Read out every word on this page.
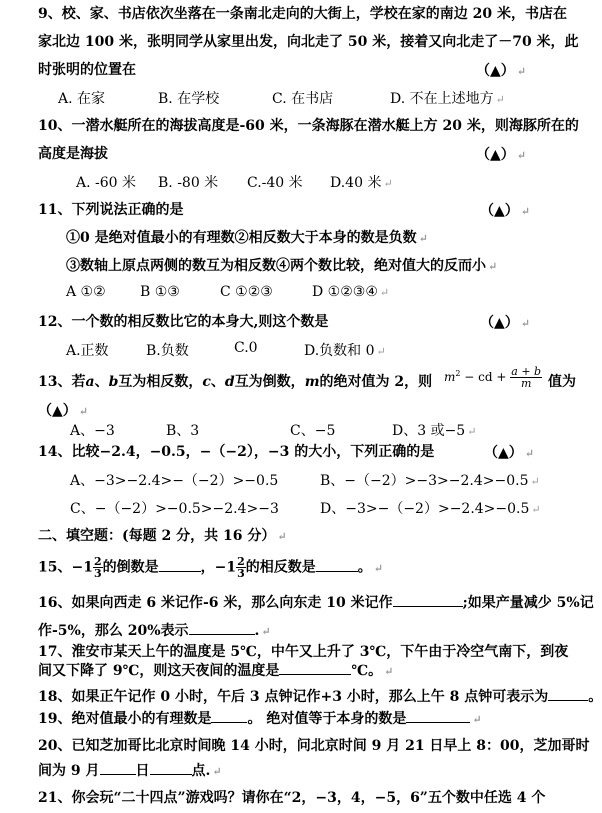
9、校、家、书店依次坐落在一条南北走向的大街上，学校在家的南边 20 米，书店在
家北边 100 米，张明同学从家里出发，向北走了 50 米，接着又向北走了－70 米，此
时张明的位置在	（▲） ↵
A. 在家	B. 在学校	C. 在书店	D. 不在上述地方 ↵
10、一潜水艇所在的海拔高度是-60 米，一条海豚在潜水艇上方 20 米，则海豚所在的
高度是海拔	（▲） ↵
A. -60 米 B. -80 米 C.-40 米 D.40 米 ↵
11、下列说法正确的是	（▲） ↵
①0 是绝对值最小的有理数②相反数大于本身的数是负数 ↵
③数轴上原点两侧的数互为相反数④两个数比较，绝对值大的反而小 ↵
A ①② B ①③	C ①②③	D ①②③④ ↵
12、一个数的相反数比它的本身大,则这个数是	（▲） ↵
A.正数	B.负数	C.0	D.负数和 0 ↵
13、若a、b互为相反数，c、d互为倒数，m的绝对值为 2，则 $m^2$ − cd + $\frac{a + b}{m}$ 值为
（▲） ↵
A、−3	B、3	C、−5	D、3 或−5 ↵
14、比较−2.4，−0.5，−（−2），−3 的大小，下列正确的是	（▲） ↵
A、−3>−2.4>−（−2）>−0.5	B、−（−2）>−3>−2.4>−0.5 ↵
C、−（−2）>−0.5>−2.4>−3	D、−3>−（−2）>−2.4>−0.5 ↵
二、填空题：(每题 2 分，共 16 分） ↵
15、$-1 \frac{2}{3}$ 的倒数是	，$-1 \frac{2}{3}$ 的相反数是	。 ↵
16、如果向西走 6 米记作-6 米，那么向东走 10 米记作	;如果产量减少 5%记
作-5%，那么 20%表示	. ↵
17、淮安市某天上午的温度是 5℃，中午又上升了 3℃，下午由于冷空气南下，到夜
间又下降了 9℃，则这天夜间的温度是	℃。 ↵
18、如果正午记作 0 小时，午后 3 点钟记作+3 小时，那么上午 8 点钟可表示为	。
19、绝对值最小的有理数是	。 绝对值等于本身的数是	↵
20、已知芝加哥比北京时间晚 14 小时，问北京时间 9 月 21 日早上 8：00，芝加哥时
间为 9 月	日	点. ↵
21、你会玩“二十四点”游戏吗？请你在“2，−3，4，−5，6”五个数中任选 4 个
